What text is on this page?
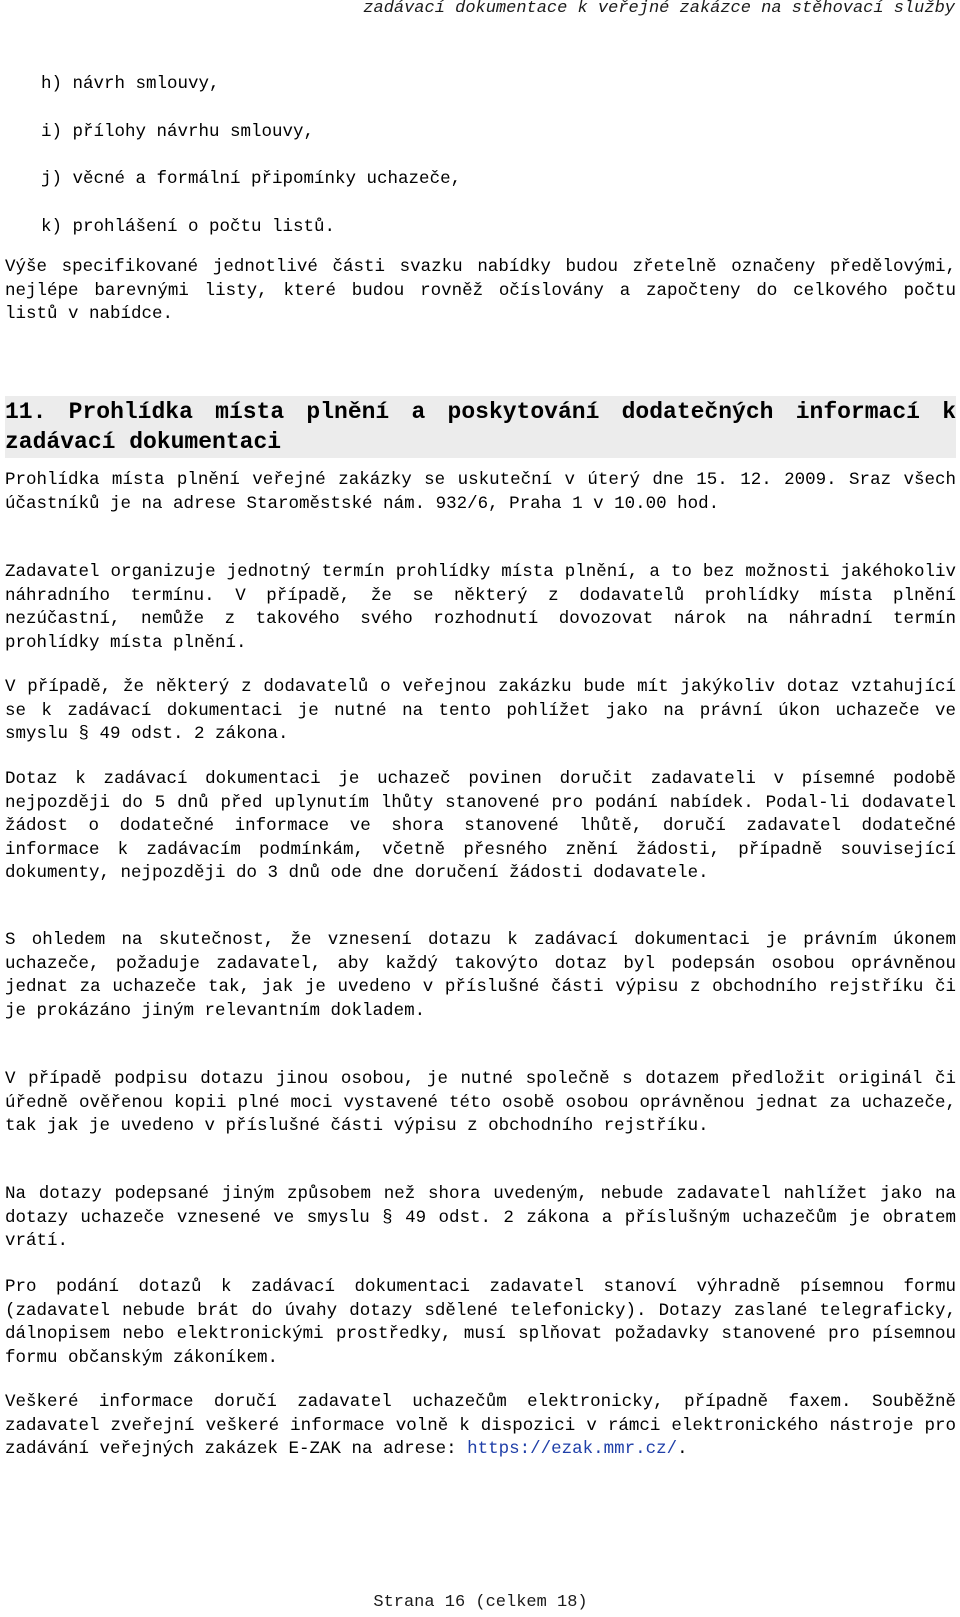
zadávací dokumentace k veřejné zakázce na stěhovací služby
h) návrh smlouvy,
i) přílohy návrhu smlouvy,
j) věcné a formální připomínky uchazeče,
k) prohlášení o počtu listů.

Výše specifikované jednotlivé části svazku nabídky budou zřetelně označeny předělovými, nejlépe barevnými listy, které budou rovněž očíslovány a započteny do celkového počtu listů v nabídce.

11. Prohlídka místa plnění a poskytování dodatečných informací k zadávací dokumentaci

Prohlídka místa plnění veřejné zakázky se uskuteční v úterý dne 15. 12. 2009. Sraz všech účastníků je na adrese Staroměstské nám. 932/6, Praha 1 v 10.00 hod.

Zadavatel organizuje jednotný termín prohlídky místa plnění, a to bez možnosti jakéhokoliv náhradního termínu. V případě, že se některý z dodavatelů prohlídky místa plnění nezúčastní, nemůže z takového svého rozhodnutí dovozovat nárok na náhradní termín prohlídky místa plnění.

V případě, že některý z dodavatelů o veřejnou zakázku bude mít jakýkoliv dotaz vztahující se k zadávací dokumentaci je nutné na tento pohlížet jako na právní úkon uchazeče ve smyslu § 49 odst. 2 zákona.

Dotaz k zadávací dokumentaci je uchazeč povinen doručit zadavateli v písemné podobě nejpozději do 5 dnů před uplynutím lhůty stanovené pro podání nabídek. Podal-li dodavatel žádost o dodatečné informace ve shora stanovené lhůtě, doručí zadavatel dodatečné informace k zadávacím podmínkám, včetně přesného znění žádosti, případně související dokumenty, nejpozději do 3 dnů ode dne doručení žádosti dodavatele.

S ohledem na skutečnost, že vznesení dotazu k zadávací dokumentaci je právním úkonem uchazeče, požaduje zadavatel, aby každý takovýto dotaz byl podepsán osobou oprávněnou jednat za uchazeče tak, jak je uvedeno v příslušné části výpisu z obchodního rejstříku či je prokázáno jiným relevantním dokladem.

V případě podpisu dotazu jinou osobou, je nutné společně s dotazem předložit originál či úředně ověřenou kopii plné moci vystavené této osobě osobou oprávněnou jednat za uchazeče, tak jak je uvedeno v příslušné části výpisu z obchodního rejstříku.

Na dotazy podepsané jiným způsobem než shora uvedeným, nebude zadavatel nahlížet jako na dotazy uchazeče vznesené ve smyslu § 49 odst. 2 zákona a příslušným uchazečům je obratem vrátí.

Pro podání dotazů k zadávací dokumentaci zadavatel stanoví výhradně písemnou formu (zadavatel nebude brát do úvahy dotazy sdělené telefonicky). Dotazy zaslané telegraficky, dálnopisem nebo elektronickými prostředky, musí splňovat požadavky stanovené pro písemnou formu občanským zákoníkem.

Veškeré informace doručí zadavatel uchazečům elektronicky, případně faxem. Souběžně zadavatel zveřejní veškeré informace volně k dispozici v rámci elektronického nástroje pro zadávání veřejných zakázek E-ZAK na adrese: https://ezak.mmr.cz/.

Strana 16 (celkem 18)
